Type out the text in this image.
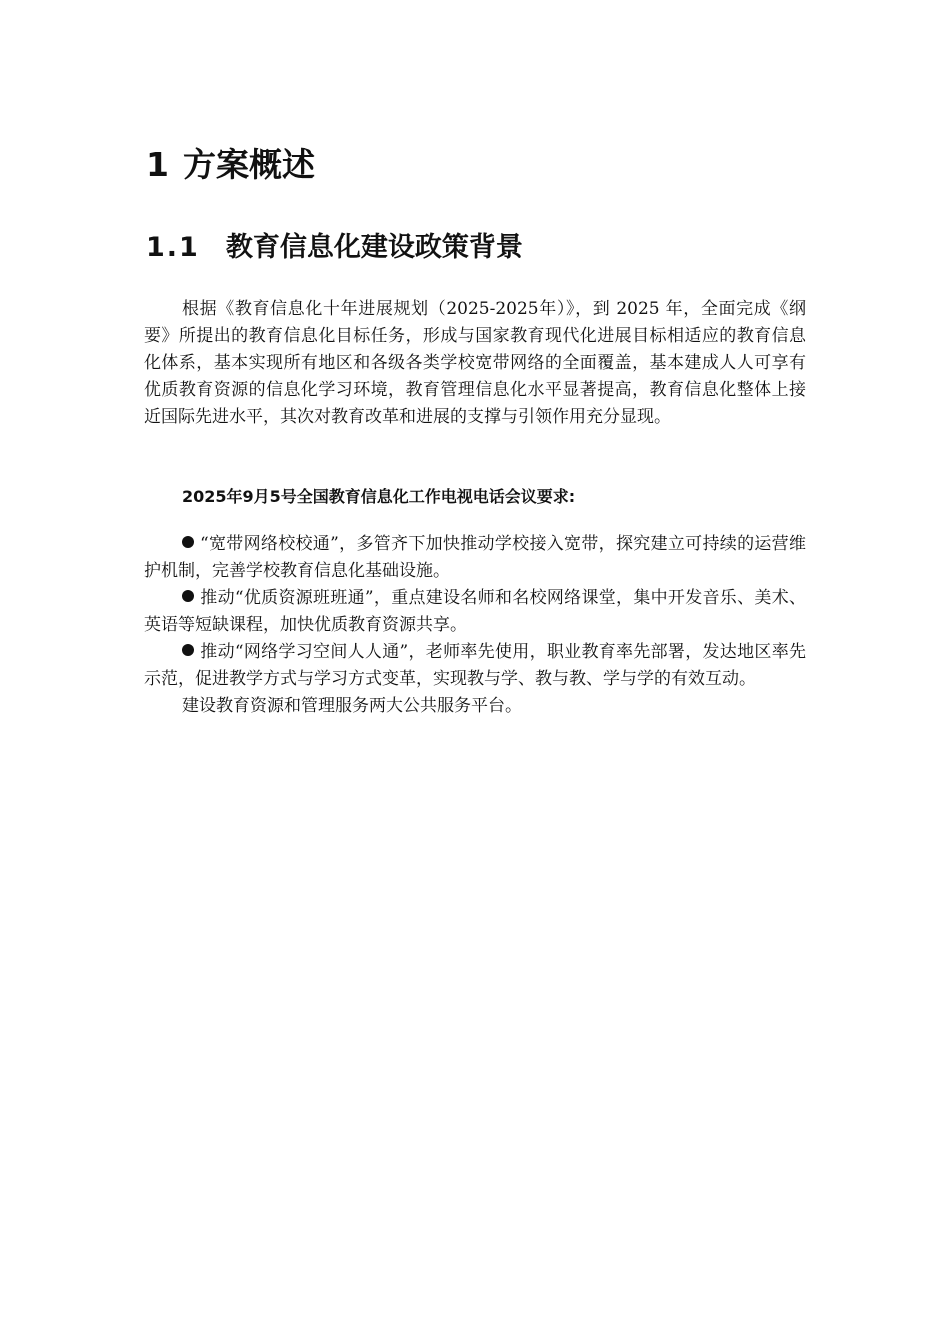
1 方案概述
1.1 教育信息化建设政策背景

根据《教育信息化十年进展规划（2025-2025年）》，到 2025 年，全面完成《纲要》所提出的教育信息化目标任务，形成与国家教育现代化进展目标相适应的教育信息化体系，基本实现所有地区和各级各类学校宽带网络的全面覆盖，基本建成人人可享有优质教育资源的信息化学习环境，教育管理信息化水平显著提高，教育信息化整体上接近国际先进水平，其次对教育改革和进展的支撑与引领作用充分显现。

2025年9月5号全国教育信息化工作电视电话会议要求:

“宽带网络校校通”，多管齐下加快推动学校接入宽带，探究建立可持续的运营维护机制，完善学校教育信息化基础设施。

推动“优质资源班班通”，重点建设名师和名校网络课堂，集中开发音乐、美术、英语等短缺课程，加快优质教育资源共享。

推动“网络学习空间人人通”，老师率先使用，职业教育率先部署，发达地区率先示范，促进教学方式与学习方式变革，实现教与学、教与教、学与学的有效互动。

建设教育资源和管理服务两大公共服务平台。
